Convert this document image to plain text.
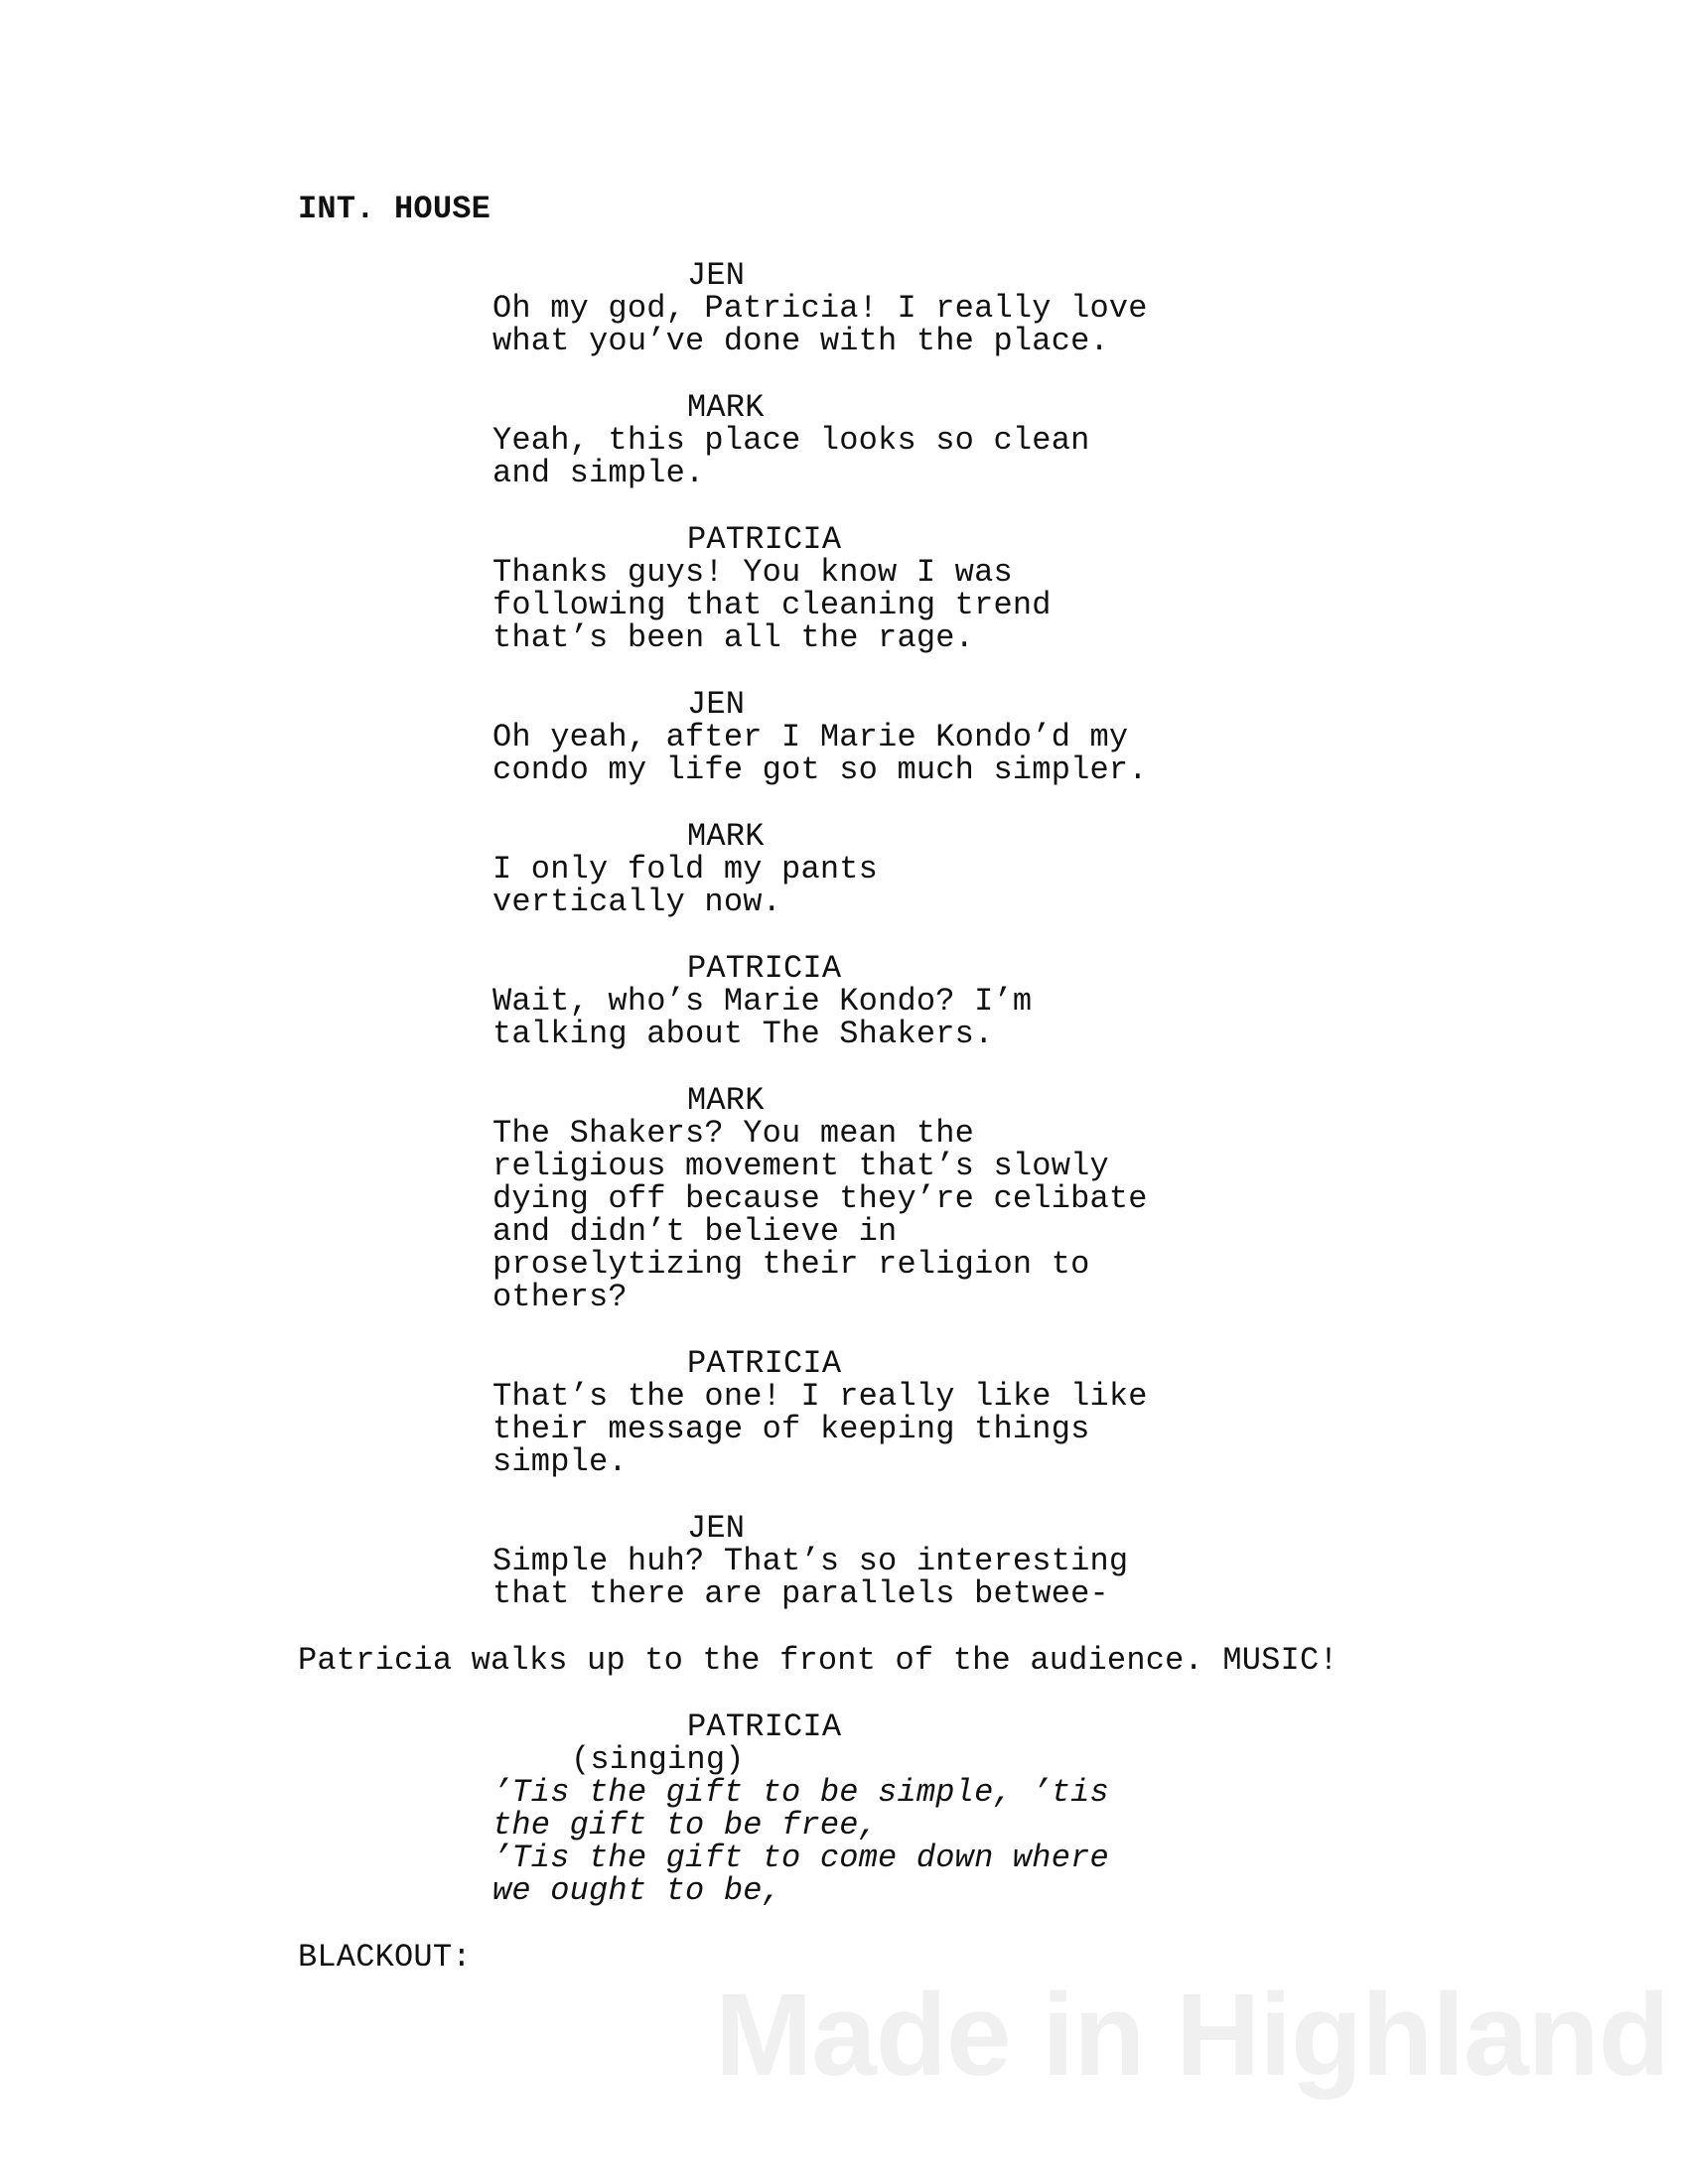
INT. HOUSE
JEN
Oh my god, Patricia! I really love
what you’ve done with the place.
MARK
Yeah, this place looks so clean
and simple.
PATRICIA
Thanks guys! You know I was
following that cleaning trend
that’s been all the rage.
JEN
Oh yeah, after I Marie Kondo’d my
condo my life got so much simpler.
MARK
I only fold my pants
vertically now.
PATRICIA
Wait, who’s Marie Kondo? I’m
talking about The Shakers.
MARK
The Shakers? You mean the
religious movement that’s slowly
dying off because they’re celibate
and didn’t believe in
proselytizing their religion to
others?
PATRICIA
That’s the one! I really like like
their message of keeping things
simple.
JEN
Simple huh? That’s so interesting
that there are parallels betwee-
Patricia walks up to the front of the audience. MUSIC!
PATRICIA
(singing)
’Tis the gift to be simple, ’tis
the gift to be free,
’Tis the gift to come down where
we ought to be,
BLACKOUT:
Made in Highland
